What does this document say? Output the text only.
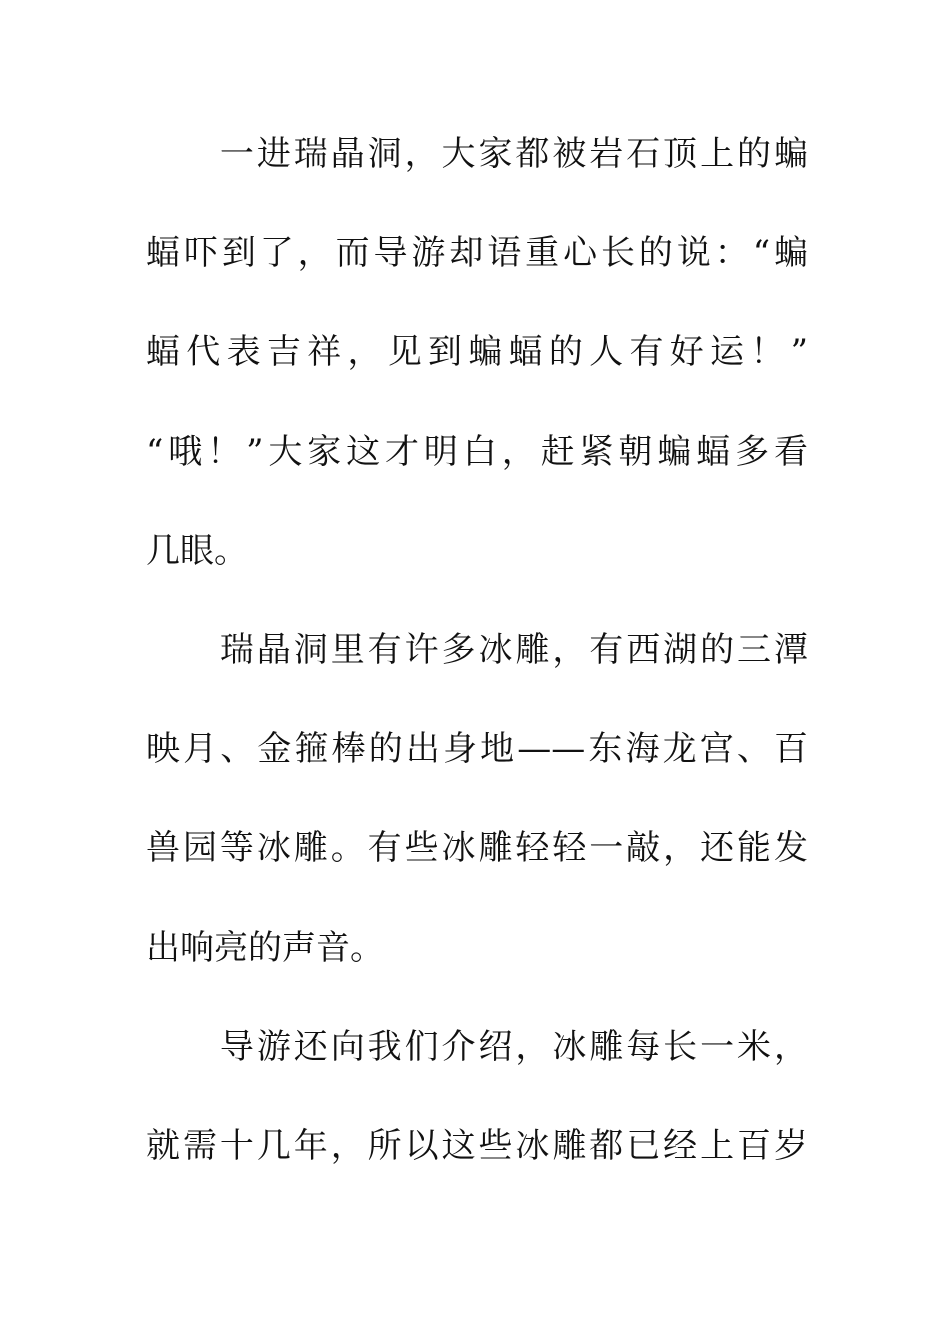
　　一进瑞晶洞，大家都被岩石顶上的蝙
蝠吓到了，而导游却语重心长的说：“蝙
蝠代表吉祥，见到蝙蝠的人有好运！”
“哦！”大家这才明白，赶紧朝蝙蝠多看
几眼。
　　瑞晶洞里有许多冰雕，有西湖的三潭
映月、金箍棒的出身地——东海龙宫、百
兽园等冰雕。有些冰雕轻轻一敲，还能发
出响亮的声音。
　　导游还向我们介绍，冰雕每长一米，
就需十几年，所以这些冰雕都已经上百岁
